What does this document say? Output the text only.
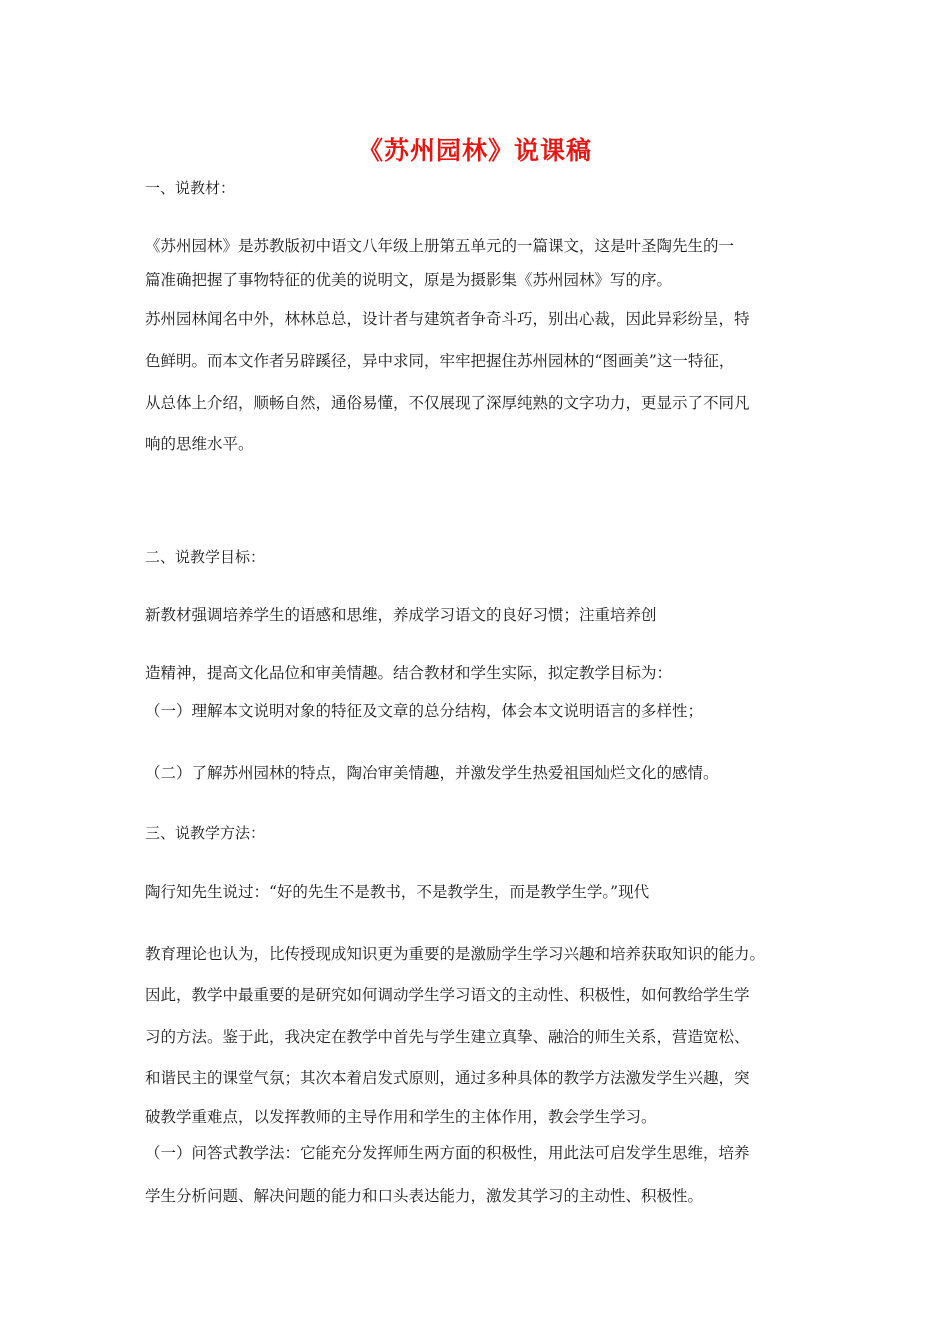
《苏州园林》说课稿
一、说教材：
《苏州园林》是苏教版初中语文八年级上册第五单元的一篇课文，这是叶圣陶先生的一
篇准确把握了事物特征的优美的说明文，原是为摄影集《苏州园林》写的序。
苏州园林闻名中外，林林总总，设计者与建筑者争奇斗巧，别出心裁，因此异彩纷呈，特
色鲜明。而本文作者另辟蹊径，异中求同，牢牢把握住苏州园林的“图画美”这一特征，
从总体上介绍，顺畅自然，通俗易懂，不仅展现了深厚纯熟的文字功力，更显示了不同凡
响的思维水平。
二、说教学目标：
新教材强调培养学生的语感和思维，养成学习语文的良好习惯；注重培养创
造精神，提高文化品位和审美情趣。结合教材和学生实际，拟定教学目标为：
（一）理解本文说明对象的特征及文章的总分结构，体会本文说明语言的多样性；
（二）了解苏州园林的特点，陶冶审美情趣，并激发学生热爱祖国灿烂文化的感情。
三、说教学方法：
陶行知先生说过：“好的先生不是教书，不是教学生，而是教学生学。”现代
教育理论也认为，比传授现成知识更为重要的是激励学生学习兴趣和培养获取知识的能力。
因此，教学中最重要的是研究如何调动学生学习语文的主动性、积极性，如何教给学生学
习的方法。鉴于此，我决定在教学中首先与学生建立真挚、融洽的师生关系，营造宽松、
和谐民主的课堂气氛；其次本着启发式原则，通过多种具体的教学方法激发学生兴趣，突
破教学重难点，以发挥教师的主导作用和学生的主体作用，教会学生学习。
（一）问答式教学法：它能充分发挥师生两方面的积极性，用此法可启发学生思维，培养
学生分析问题、解决问题的能力和口头表达能力，激发其学习的主动性、积极性。
